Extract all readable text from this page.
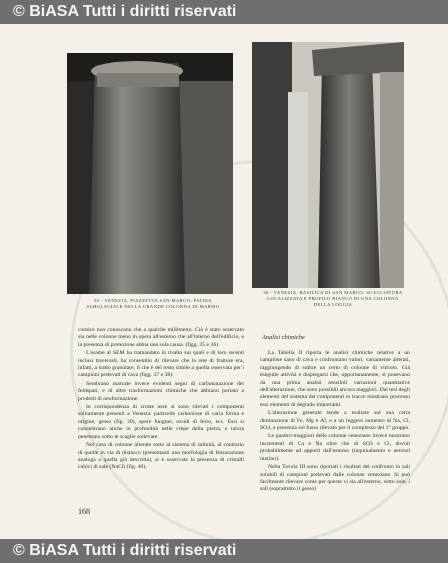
© BiASA Tutti i diritti riservati
35 - VENEZIA, PIAZZETTA SAN MARCO: PATINA SUBGLACIALE NELLA GRANDE COLONNA DI MARMO
36 - VENEZIA, BASILICA DI SAN MARCO: SCAGLIATURA LOCALIZZATA E PROFILO BIANCO DI UNA COLONNA DELLA LOGGIA

cornice non conoscono che a qualche millimetro. Ciò è stato osservato sia nelle colonne meno in opera all'esterno che all'interno dell'edificio, e la presenza di protezione abbia una sola causa. (figg. 35 e 36).

L'esame al SEM ha tramandato in risalto sui quali e di loro recenti inclusi traversali, ha consentito di rilevare che la rete di fratture era, infatti, a tratto granulare, il che è del resto simile a quella osservata per i campioni prelevati di cava (figg. 37 e 38).

Sembrano marcate invece evidenti segni di carbonatazione dei feldspati, e di altre trasformazioni chimiche che abbiano portato a prodotti di neoformazione.

In corrispondenza di croste nere si sono rilevati i componenti solitamente presenti a Venezia: particelle carboniose di varia forma e origine, gesso (fig. 39), spore fungine, ossidi di ferro, ecc. Essi si concentrano anche in profondità nelle crepe della pietra, e talora penetrano sotto le scaglie sollevate.

Nel caso di colonne alterate sotto al sistema di salinità, al contrario di quelle in via di distacco (presentanti una morfologia di fessurazione analoga a quella già descritta), si è osservata la presenza di cristalli cubici di sale (NaCl) (fig. 40).

Analisi chimiche

La Tabella II riporta le analisi chimiche relative a un campione sano di cava e confrontano valori, variamente alterati, raggiungendo di subire un certo di colonne di vitriolo. Già eseguite attività e dispiegarsi che, opportunamente, si ponevano da una prima analisi sensibili variazioni quantitative dell'alterazione, che sono possibili ancora maggiori. Dal test degli elementi del sistema dei componenti in tracce mostrano processo essi elementi di degrado importanti.

L'alterazione generale tende a esaltare sul una certa diminuzione di Fe, Mg e Al, e a un leggero aumento di Na, Cl, SO4, e presenza sul fusso rilevato per il complesso del 1° gruppo.

Le quattro-maggiori delle colonne veneziane invece mostrano incrementi di Ca e Na oltre che di SO3 e Cl, dovuti probabilmente ad apporti dall'esterno (inquinamento e aerosol marino).

Nella Tavola III sono riportati i risultati del confronto in sali solubili di campioni prelevati dalle colonne veneziane. Si può facilmente rilevare come per queste vi sia all'esterno, sotto sole, i sali (soprattutto il gesso)

168
© BiASA Tutti i diritti riservati
